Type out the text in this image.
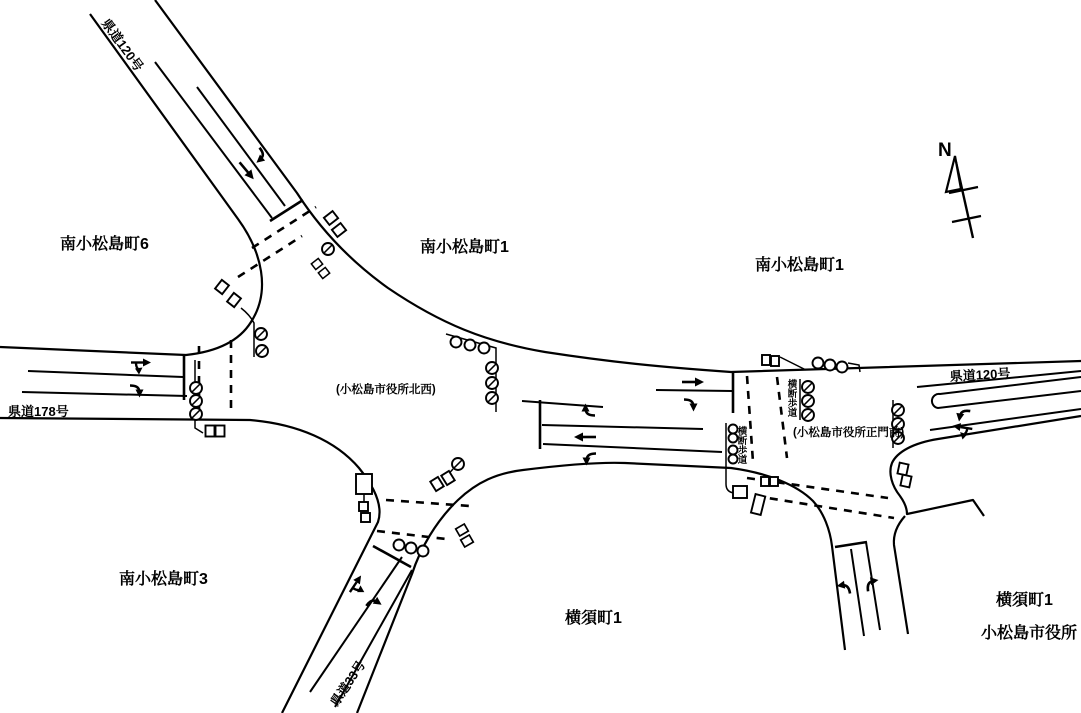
県道120号
南小松島町6	南小松島町1
南小松島町1
県道178号
(小松島市役所北西)
(小松島市役所正門前)
県道120号
南小松島町3
横須町1
県道33号
横須町1
小松島市役所
横断歩道
横断歩道
N
